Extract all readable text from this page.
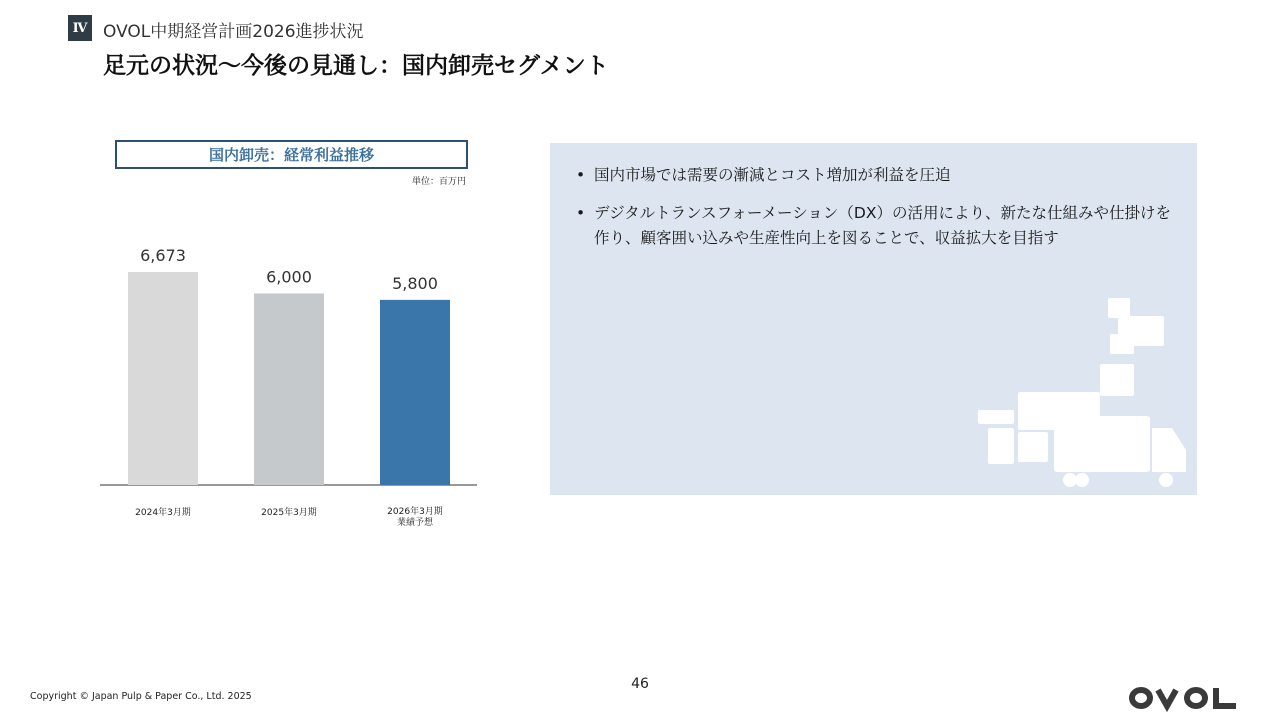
Ⅳ OVOL中期経営計画2026進捗状況
足元の状況～今後の見通し：国内卸売セグメント
国内卸売：経常利益推移
単位：百万円
6,673
2024年3月期
6,000
2025年3月期
5,800
2026年3月期
業績予想
• 国内市場では需要の漸減とコスト増加が利益を圧迫
• デジタルトランスフォーメーション（DX）の活用により、新たな仕組みや仕掛けを作り、顧客囲い込みや生産性向上を図ることで、収益拡大を目指す
46
Copyright © Japan Pulp & Paper Co., Ltd. 2025
